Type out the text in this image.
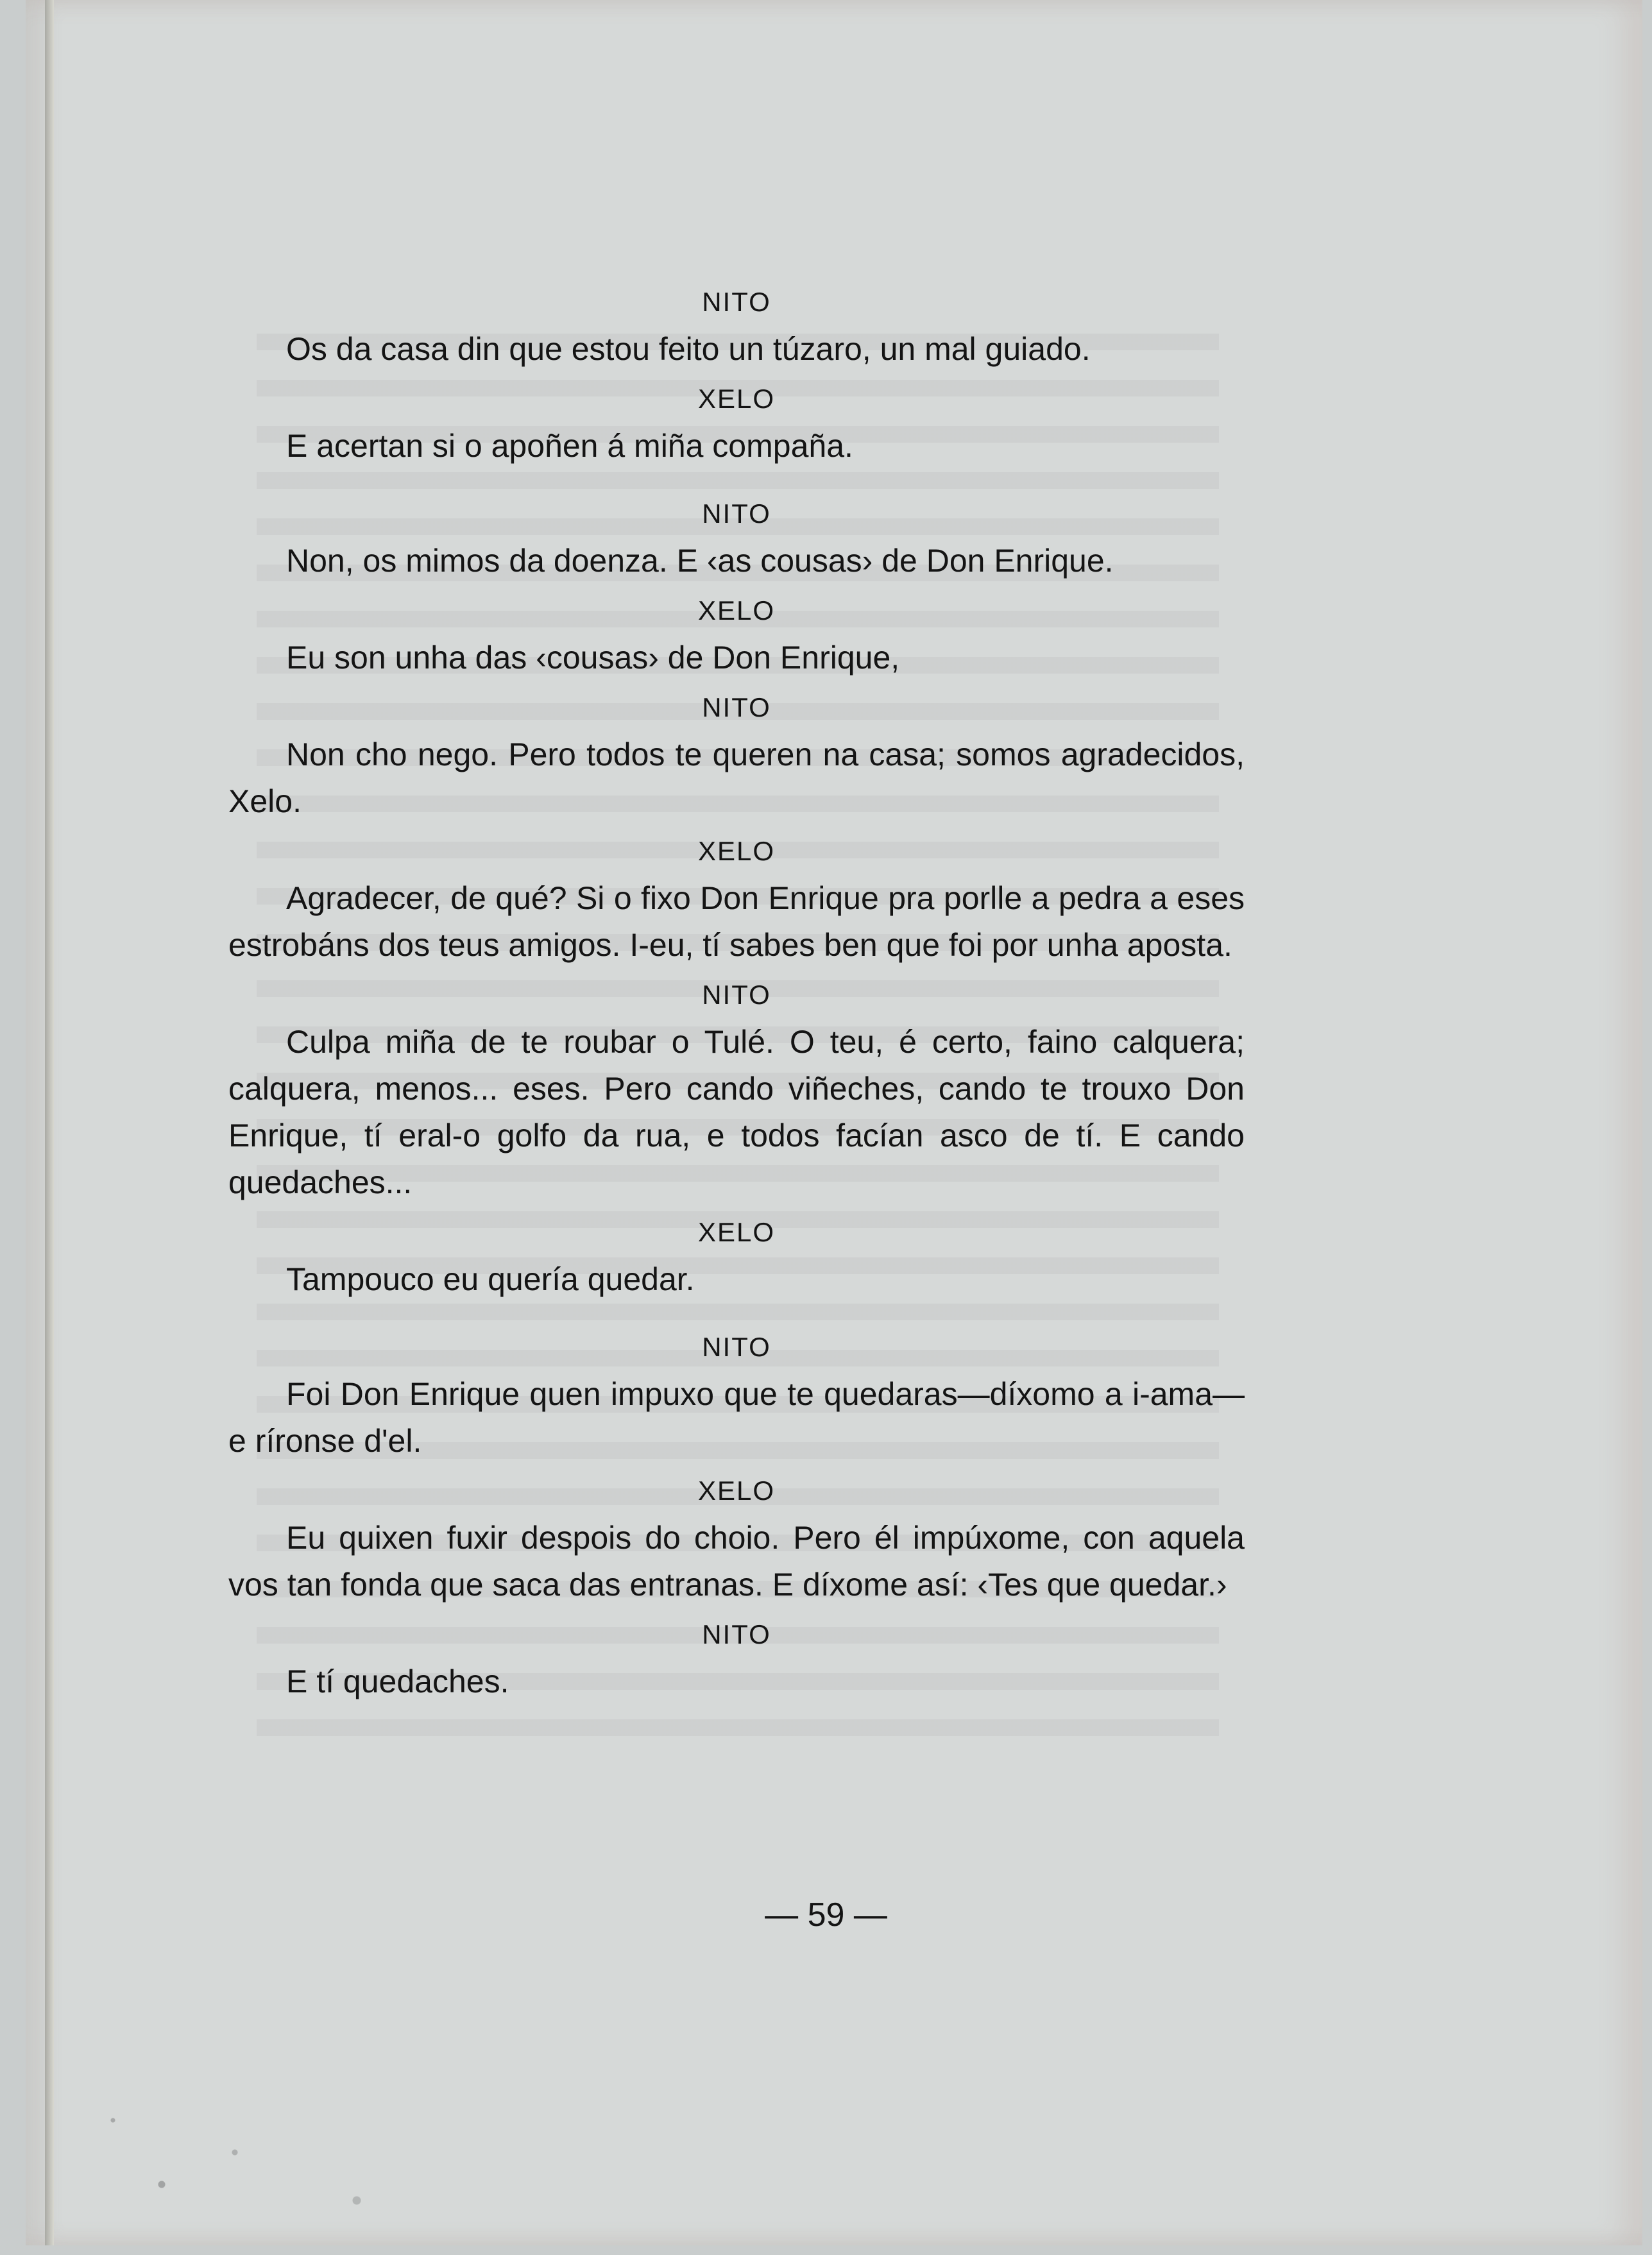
NITO

Os da casa din que estou feito un túzaro, un mal guiado.

XELO

E acertan si o apoñen á miña compaña.

NITO

Non, os mimos da doenza. E ‹as cousas› de Don Enrique.

XELO

Eu son unha das ‹cousas› de Don Enrique,

NITO

Non cho nego. Pero todos te queren na casa; somos agradecidos, Xelo.

XELO

Agradecer, de qué? Si o fixo Don Enrique pra porlle a pedra a eses estrobáns dos teus amigos. I-eu, tí sabes ben que foi por unha aposta.

NITO

Culpa miña de te roubar o Tulé. O teu, é certo, faino calquera; calquera, menos... eses. Pero cando viñeches, cando te trouxo Don Enrique, tí eral-o golfo da rua, e todos facían asco de tí. E cando quedaches...

XELO

Tampouco eu quería quedar.

NITO

Foi Don Enrique quen impuxo que te quedaras—díxomo a i-ama—e ríronse d'el.

XELO

Eu quixen fuxir despois do choio. Pero él impúxome, con aquela vos tan fonda que saca das entranas. E díxome así: ‹Tes que quedar.›

NITO

E tí quedaches.

— 59 —
